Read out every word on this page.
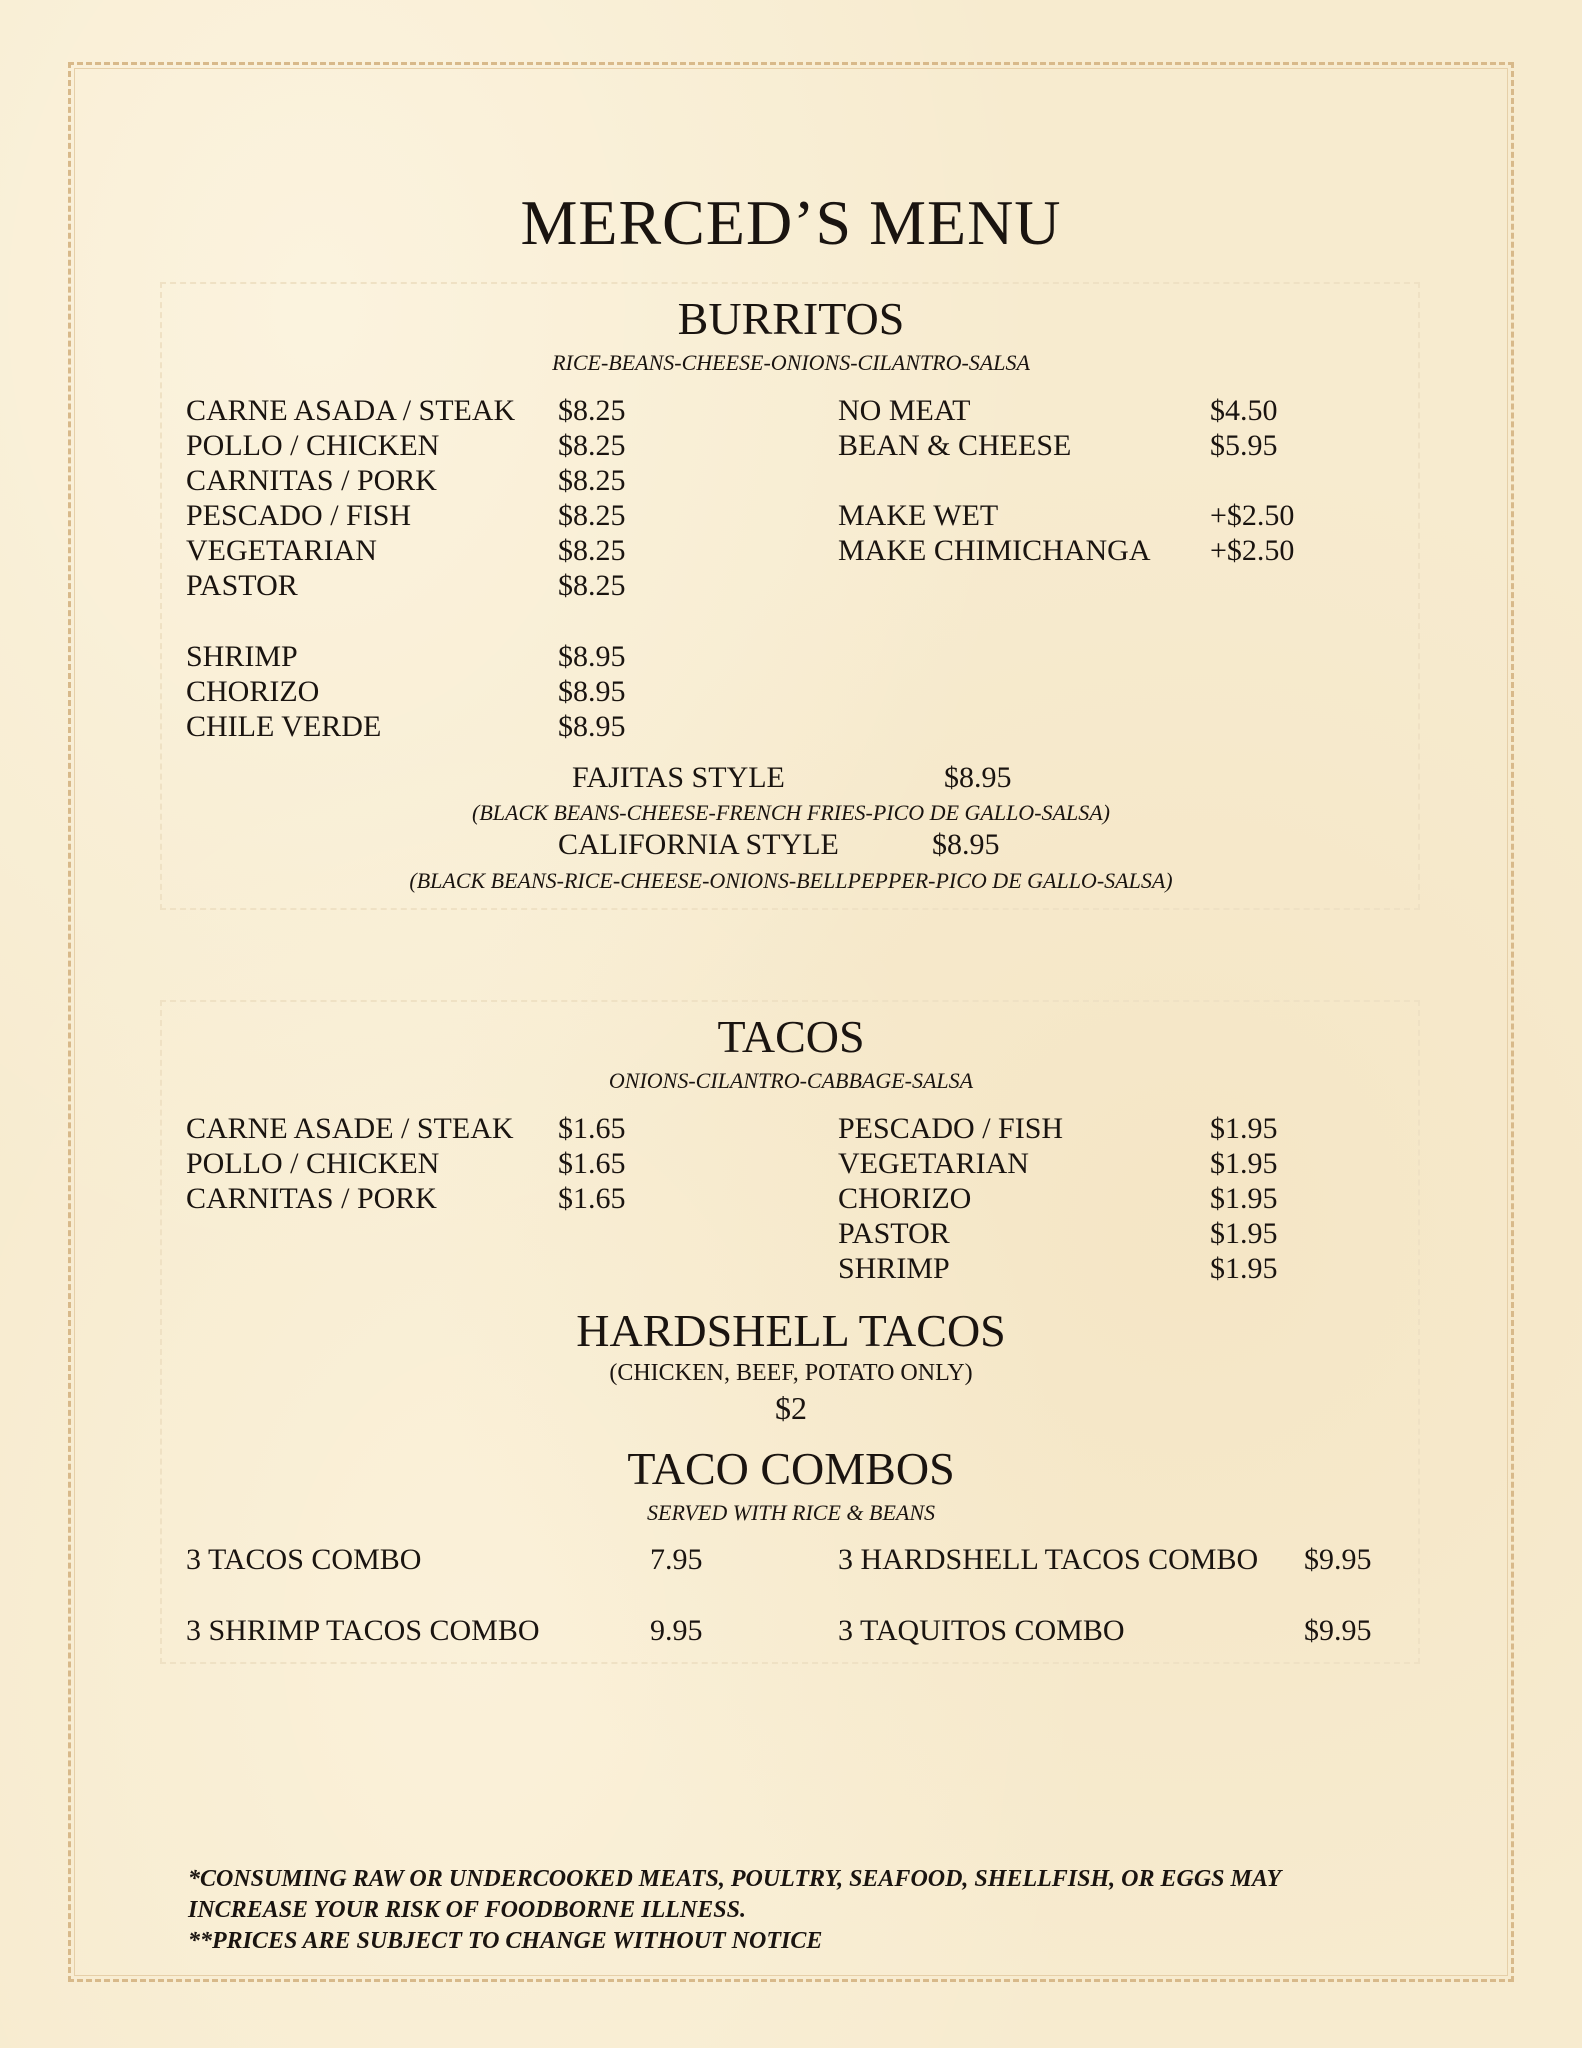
MERCED’S MENU
BURRITOS
RICE-BEANS-CHEESE-ONIONS-CILANTRO-SALSA
CARNE ASADA / STEAK $8.25
POLLO / CHICKEN	$8.25
CARNITAS / PORK	$8.25
PESCADO / FISH	$8.25
VEGETARIAN	$8.25
PASTOR	$8.25
SHRIMP	$8.95
CHORIZO	$8.95
CHILE VERDE	$8.95
NO MEAT	$4.50
BEAN & CHEESE	$5.95
MAKE WET	+$2.50
MAKE CHIMICHANGA +$2.50
FAJITAS STYLE	$8.95
(BLACK BEANS-CHEESE-FRENCH FRIES-PICO DE GALLO-SALSA)
CALIFORNIA STYLE	$8.95
(BLACK BEANS-RICE-CHEESE-ONIONS-BELLPEPPER-PICO DE GALLO-SALSA)
TACOS
ONIONS-CILANTRO-CABBAGE-SALSA
CARNE ASADE / STEAK $1.65
POLLO / CHICKEN	$1.65
CARNITAS / PORK	$1.65
PESCADO / FISH	$1.95
VEGETARIAN	$1.95
CHORIZO	$1.95
PASTOR	$1.95
SHRIMP	$1.95
HARDSHELL TACOS
(CHICKEN, BEEF, POTATO ONLY)
$2
TACO COMBOS
SERVED WITH RICE & BEANS
3 TACOS COMBO	7.95	3 HARDSHELL TACOS COMBO $9.95
3 SHRIMP TACOS COMBO	9.95	3 TAQUITOS COMBO	$9.95
*CONSUMING RAW OR UNDERCOOKED MEATS, POULTRY, SEAFOOD, SHELLFISH, OR EGGS MAY
INCREASE YOUR RISK OF FOODBORNE ILLNESS.
**PRICES ARE SUBJECT TO CHANGE WITHOUT NOTICE
